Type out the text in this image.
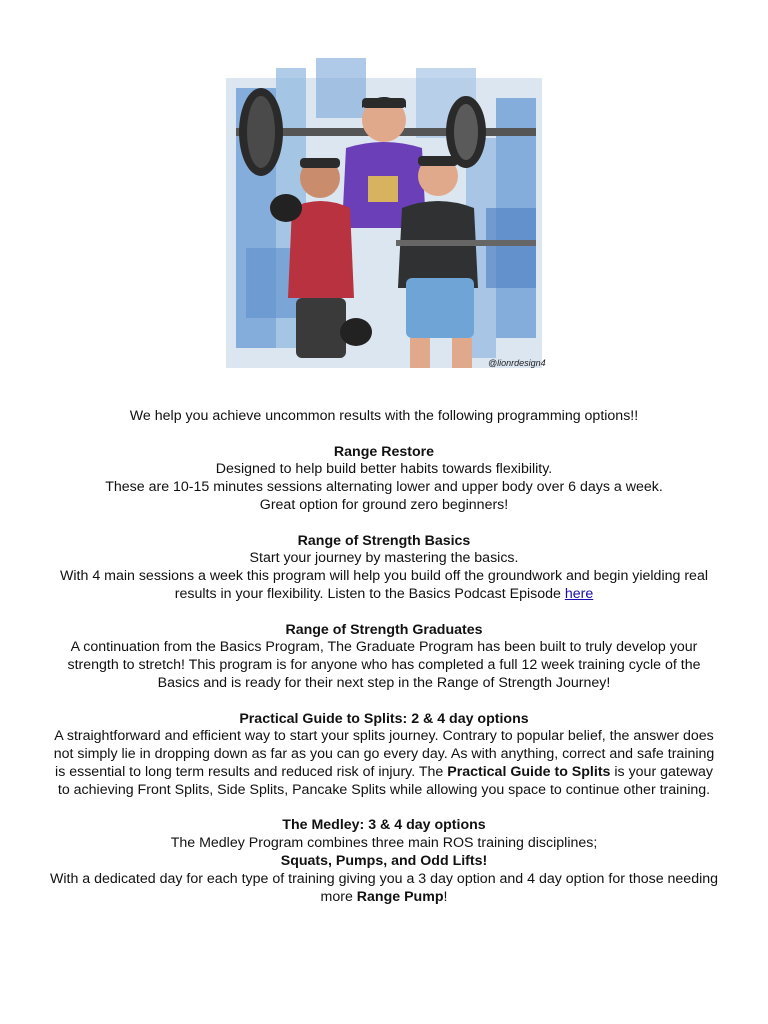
@lionrdesign4

We help you achieve uncommon results with the following programming options!!

Range Restore

Designed to help build better habits towards flexibility.

These are 10-15 minutes sessions alternating lower and upper body over 6 days a week.

Great option for ground zero beginners!

Range of Strength Basics

Start your journey by mastering the basics.

With 4 main sessions a week this program will help you build off the groundwork and begin yielding real

results in your flexibility. Listen to the Basics Podcast Episode here

Range of Strength Graduates

A continuation from the Basics Program, The Graduate Program has been built to truly develop your

strength to stretch! This program is for anyone who has completed a full 12 week training cycle of the

Basics and is ready for their next step in the Range of Strength Journey!

Practical Guide to Splits: 2 & 4 day options

A straightforward and efficient way to start your splits journey. Contrary to popular belief, the answer does

not simply lie in dropping down as far as you can go every day. As with anything, correct and safe training

is essential to long term results and reduced risk of injury. The Practical Guide to Splits is your gateway

to achieving Front Splits, Side Splits, Pancake Splits while allowing you space to continue other training.

The Medley: 3 & 4 day options

The Medley Program combines three main ROS training disciplines;

Squats, Pumps, and Odd Lifts!

With a dedicated day for each type of training giving you a 3 day option and 4 day option for those needing

more Range Pump!
